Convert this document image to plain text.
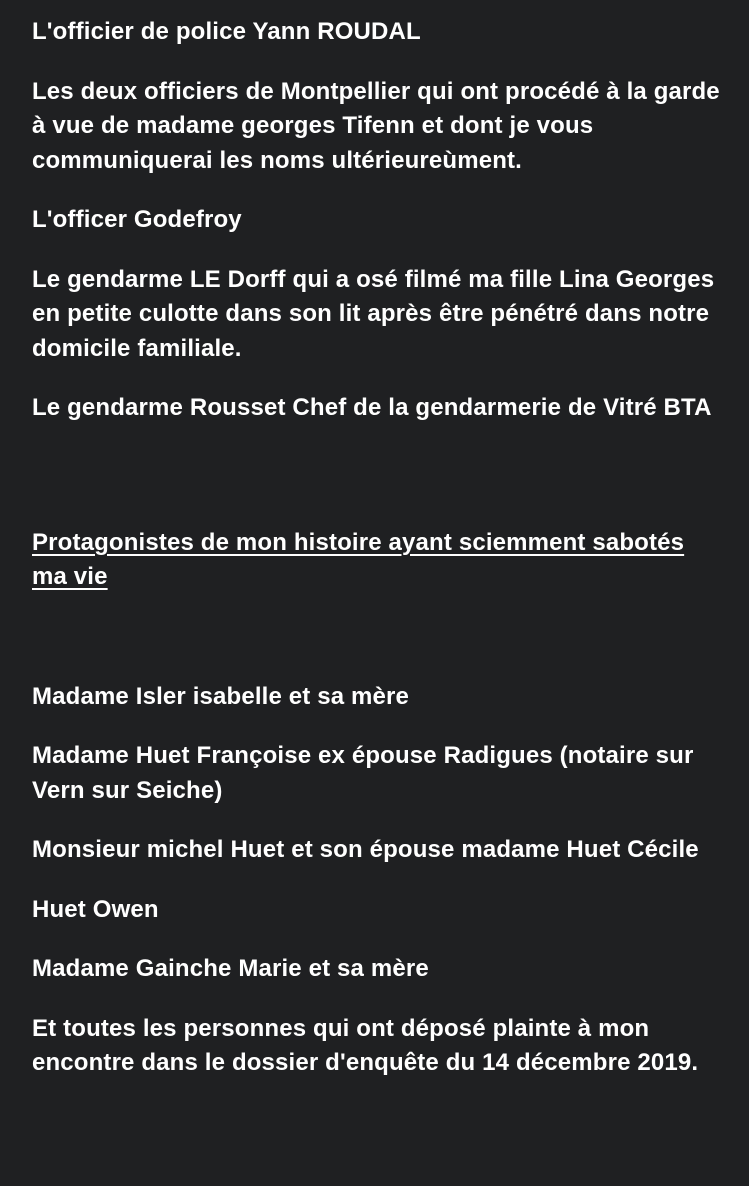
L'officier de police Yann ROUDAL

Les deux officiers de Montpellier qui ont procédé à la garde à vue de madame georges Tifenn et dont je vous communiquerai les noms ultérieureùment.

L'officer Godefroy

Le gendarme LE Dorff qui a osé filmé ma fille Lina Georges en petite culotte dans son lit après être pénétré dans notre domicile familiale.

Le gendarme Rousset Chef de la gendarmerie de Vitré BTA

Protagonistes de mon histoire ayant sciemment sabotés ma vie

Madame Isler isabelle et sa mère

Madame Huet Françoise ex épouse Radigues (notaire sur Vern sur Seiche)

Monsieur michel Huet et son épouse madame Huet Cécile

Huet Owen

Madame Gainche Marie et sa mère

Et toutes les personnes qui ont déposé plainte à mon encontre dans le dossier d'enquête du 14 décembre 2019.
